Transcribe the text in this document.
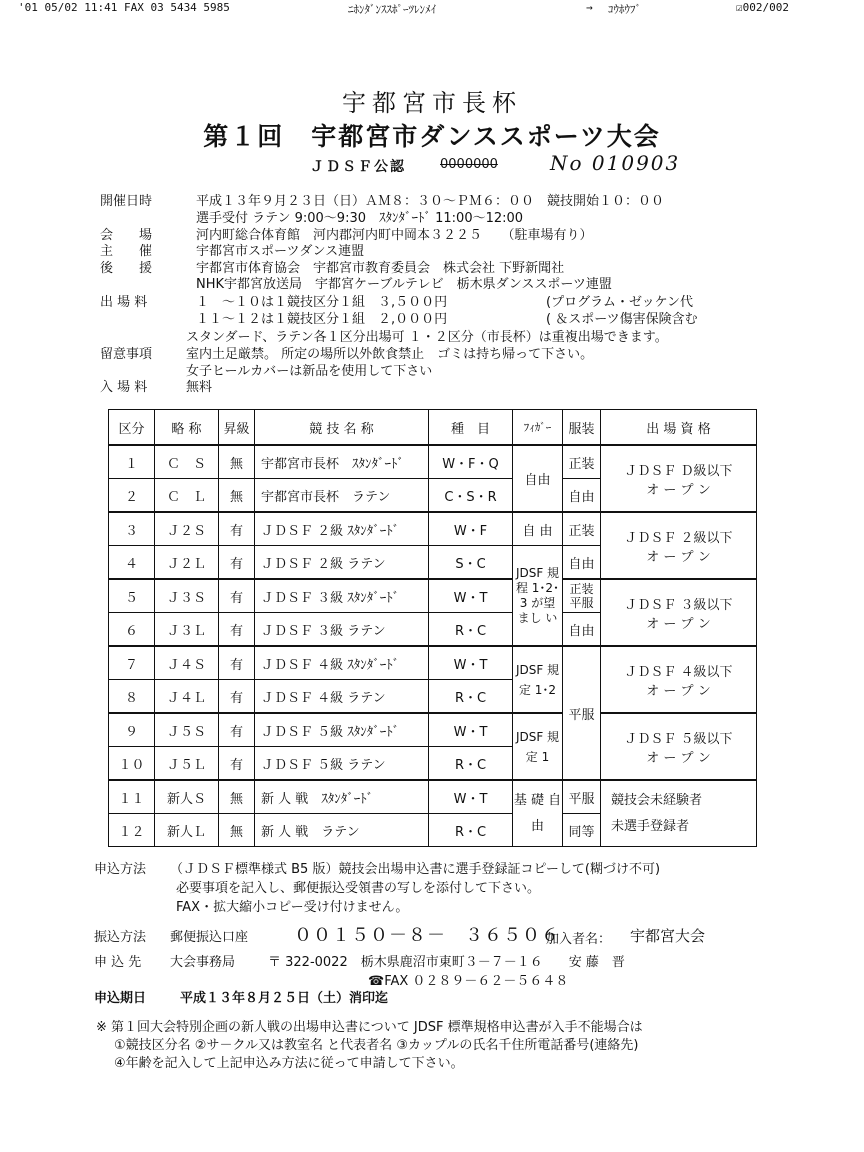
'01 05/02 11:41 FAX 03 5434 5985	ﾆﾎﾝﾀﾞﾝｽｽﾎﾟｰﾂﾚﾝﾒｲ	→ ｺｳﾎｳﾌﾞ	☑002/002
宇都宮市長杯
第１回　宇都宮市ダンススポーツ大会
ＪＤＳＦ公認	0000000	No 010903
開催日時	平成１３年９月２３日（日）ＡＭ８：３０〜ＰＭ６：００　競技開始１０：００
選手受付 ラテン 9:00〜9:30　ｽﾀﾝﾀﾞｰﾄﾞ 11:00〜12:00
会　　場	河内町総合体育館　河内郡河内町中岡本３２２５　　（駐車場有り）
主　　催	宇都宮市スポーツダンス連盟
後　　援	宇都宮市体育協会　宇都宮市教育委員会　株式会社 下野新聞社
NHK宇都宮放送局　宇都宮ケーブルテレビ　栃木県ダンススポーツ連盟
出 場 料	１　〜１０は１競技区分１組　３,５００円
１１〜１２は１競技区分１組　２,０００円
(プログラム・ゼッケン代
( ＆スポーツ傷害保険含む
スタンダード、ラテン各１区分出場可 １・２区分（市長杯）は重複出場できます。
留意事項	室内土足厳禁。 所定の場所以外飲食禁止　ゴミは持ち帰って下さい。
女子ヒールカバーは新品を使用して下さい
入 場 料	無料
区分	略 称	昇級	競 技 名 称	種　目	ﾌｨｶﾞｰ	服装	出 場 資 格
１	Ｃ　Ｓ	無	宇都宮市長杯　ｽﾀﾝﾀﾞｰﾄﾞ	W・F・Q	自由	正装	ＪＤＳＦ Ｄ級以下
オ ー プ ン

２	Ｃ　Ｌ	無	宇都宮市長杯　ラテン	C・S・R		自由	
３	Ｊ２Ｓ	有	ＪＤＳＦ ２級 ｽﾀﾝﾀﾞｰﾄﾞ	W・F	自 由	正装	ＪＤＳＦ ２級以下
オ ー プ ン

４	Ｊ２Ｌ	有	ＪＤＳＦ ２級 ラテン	S・C	JDSF 規程 1･2･3 が望 まし い	自由	
５	Ｊ３Ｓ	有	ＪＤＳＦ ３級 ｽﾀﾝﾀﾞｰﾄﾞ	W・T		正装 平服	ＪＤＳＦ ３級以下
オ ー プ ン

６	Ｊ３Ｌ	有	ＪＤＳＦ ３級 ラテン	R・C		自由	
７	Ｊ４Ｓ	有	ＪＤＳＦ ４級 ｽﾀﾝﾀﾞｰﾄﾞ	W・T	JDSF 規定 1･2	平服	ＪＤＳＦ ４級以下
オ ー プ ン

８	Ｊ４Ｌ	有	ＪＤＳＦ ４級 ラテン	R・C			
９	Ｊ５Ｓ	有	ＪＤＳＦ ５級 ｽﾀﾝﾀﾞｰﾄﾞ	W・T	JDSF 規 定 1		ＪＤＳＦ ５級以下
オ ー プ ン

１０	Ｊ５Ｌ	有	ＪＤＳＦ ５級 ラテン	R・C			
１１	新人Ｓ	無	新 人 戦　ｽﾀﾝﾀﾞｰﾄﾞ	W・T	基 礎 自 由	平服	競技会未経験者
未選手登録者

１２	新人Ｌ	無	新 人 戦　ラテン	R・C		同等	
申込方法 （ＪＤＳＦ標準様式 B5 版）競技会出場申込書に選手登録証コピーして(糊づけ不可)
必要事項を記入し、郵便振込受領書の写しを添付して下さい。
FAX・拡大縮小コピー受け付けません。
振込方法 郵便振込口座	００１５０－８－　３６５０６
加入者名： 宇都宮大会
申 込 先 大会事務局	〒 322-0022　栃木県鹿沼市東町３－７－１６　　安 藤　晋
☎FAX ０２８９－６２－５６４８
申込期日	平成１３年８月２５日（土）消印迄
※ 第１回大会特別企画の新人戦の出場申込書について JDSF 標準規格申込書が入手不能場合は
①競技区分名 ②サ－クル又は教室名 と代表者名 ③カップルの氏名千住所電話番号(連絡先)
④年齢を記入して上記申込み方法に従って申請して下さい。
